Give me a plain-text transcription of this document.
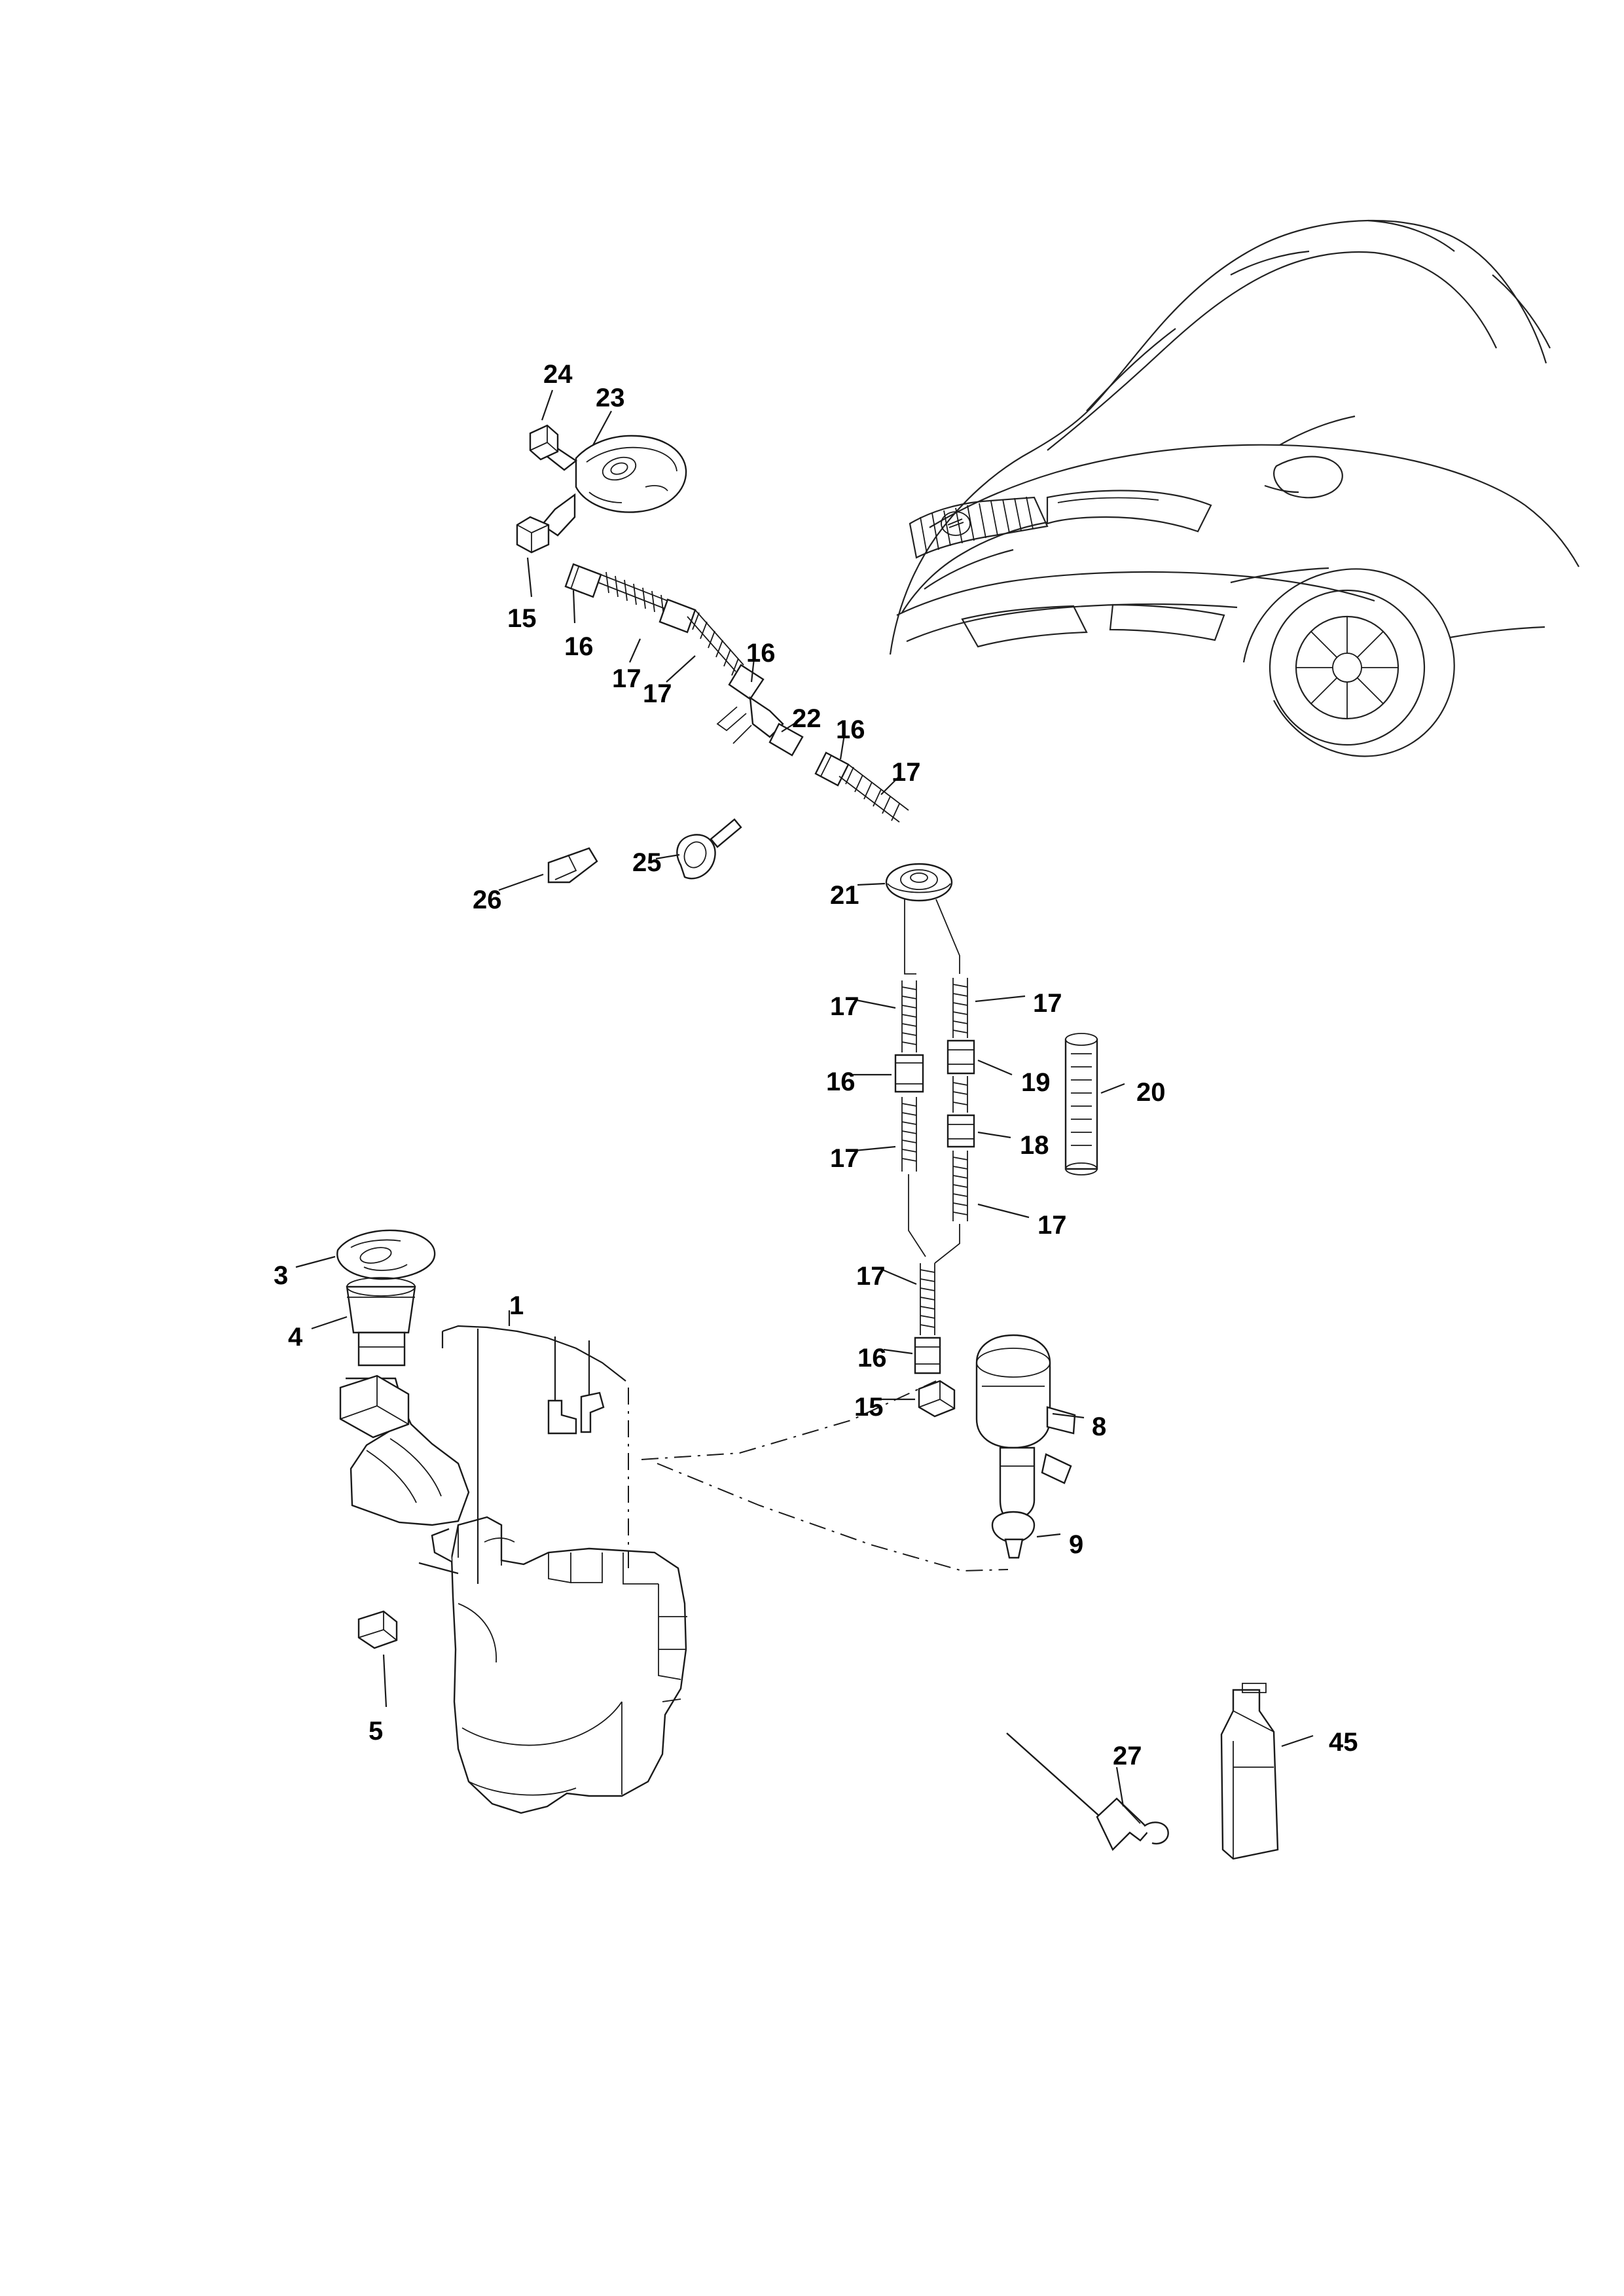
24
23
15
16
17
17
16
22 16
17
26
25
21
17	17
16	19	20
17	18
17
17
16
15
8
9
3
4
1
5
27	45
